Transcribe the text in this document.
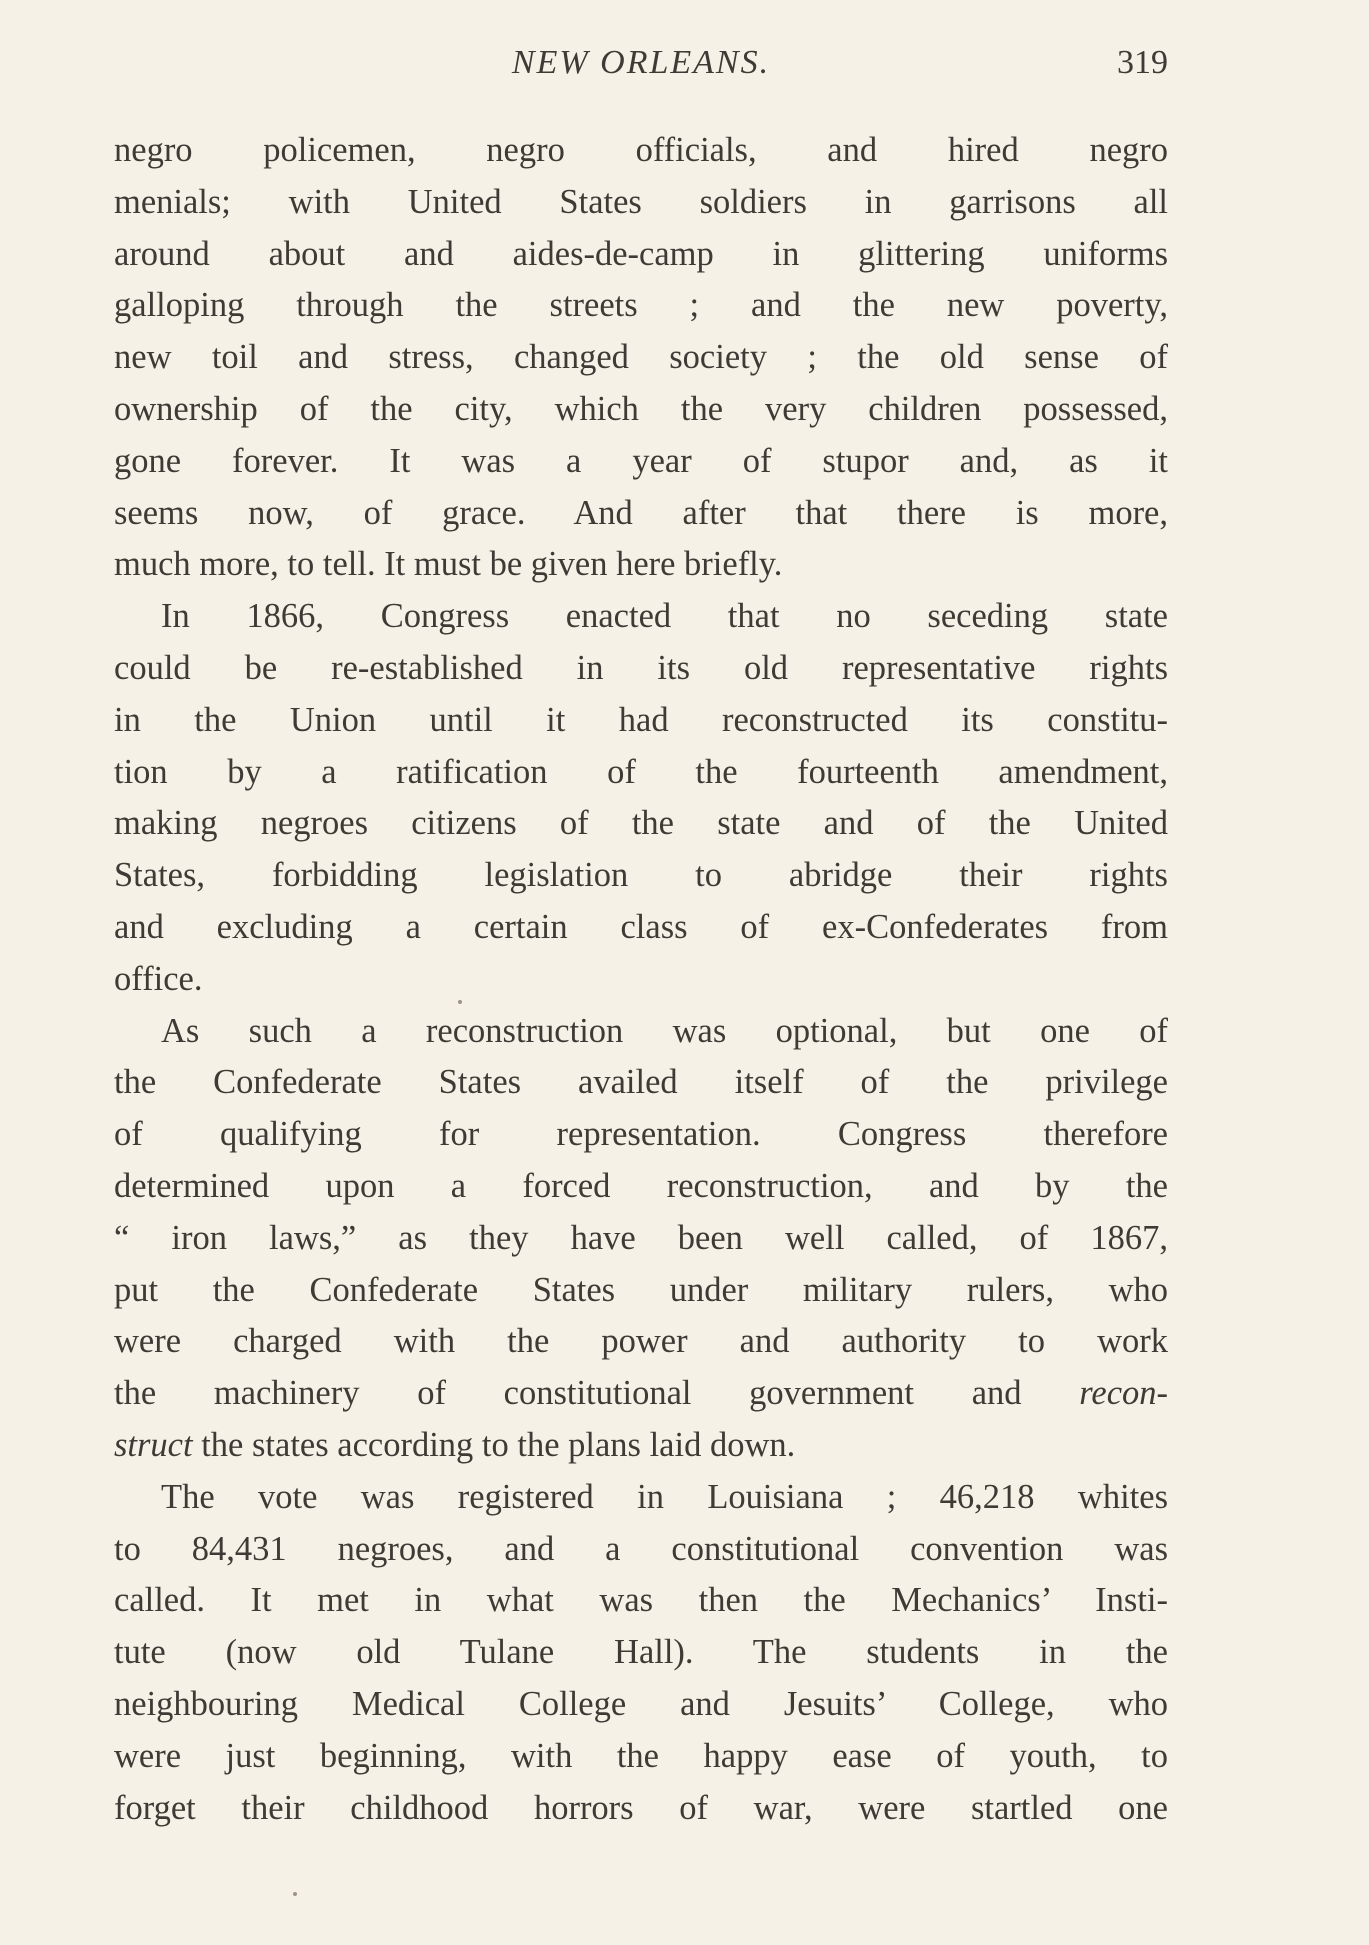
NEW ORLEANS.	319
negro policemen, negro officials, and hired negro
menials; with United States soldiers in garrisons all
around about and aides-de-camp in glittering uniforms
galloping through the streets ; and the new poverty,
new toil and stress, changed society ; the old sense of
ownership of the city, which the very children possessed,
gone forever. It was a year of stupor and, as it
seems now, of grace. And after that there is more,
much more, to tell. It must be given here briefly.
In 1866, Congress enacted that no seceding state
could be re-established in its old representative rights
in the Union until it had reconstructed its constitu-
tion by a ratification of the fourteenth amendment,
making negroes citizens of the state and of the United
States, forbidding legislation to abridge their rights
and excluding a certain class of ex-Confederates from
office.
As such a reconstruction was optional, but one of
the Confederate States availed itself of the privilege
of qualifying for representation. Congress therefore
determined upon a forced reconstruction, and by the
“ iron laws,” as they have been well called, of 1867,
put the Confederate States under military rulers, who
were charged with the power and authority to work
the machinery of constitutional government and recon-
struct the states according to the plans laid down.
The vote was registered in Louisiana ; 46,218 whites
to 84,431 negroes, and a constitutional convention was
called. It met in what was then the Mechanics’ Insti-
tute (now old Tulane Hall). The students in the
neighbouring Medical College and Jesuits’ College, who
were just beginning, with the happy ease of youth, to
forget their childhood horrors of war, were startled one
